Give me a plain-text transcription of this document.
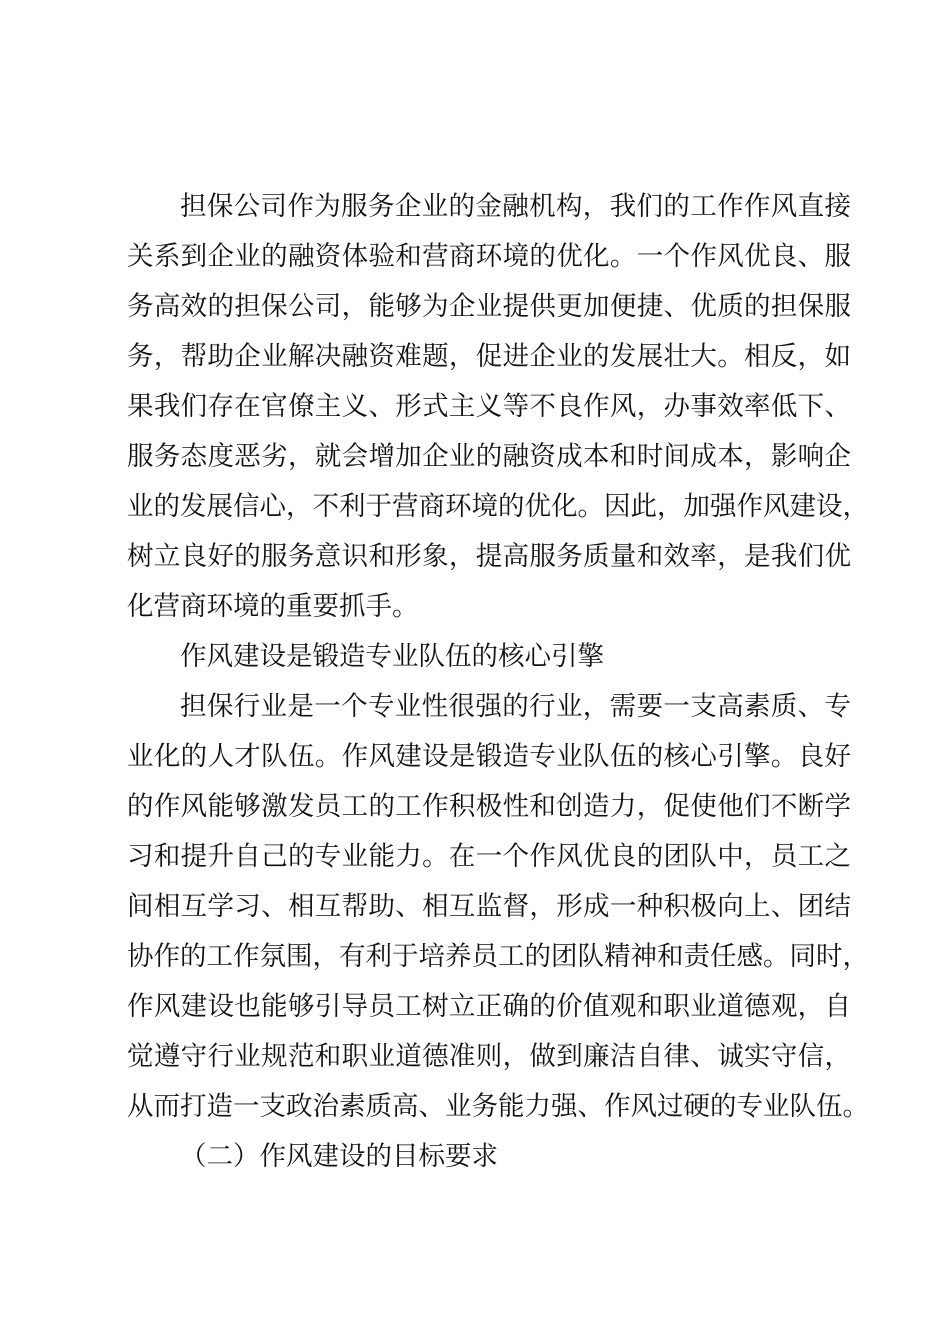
担保公司作为服务企业的金融机构，我们的工作作风直接
关系到企业的融资体验和营商环境的优化。一个作风优良、服
务高效的担保公司，能够为企业提供更加便捷、优质的担保服
务，帮助企业解决融资难题，促进企业的发展壮大。相反，如
果我们存在官僚主义、形式主义等不良作风，办事效率低下、
服务态度恶劣，就会增加企业的融资成本和时间成本，影响企
业的发展信心，不利于营商环境的优化。因此，加强作风建设，
树立良好的服务意识和形象，提高服务质量和效率，是我们优
化营商环境的重要抓手。

作风建设是锻造专业队伍的核心引擎

担保行业是一个专业性很强的行业，需要一支高素质、专
业化的人才队伍。作风建设是锻造专业队伍的核心引擎。良好
的作风能够激发员工的工作积极性和创造力，促使他们不断学
习和提升自己的专业能力。在一个作风优良的团队中，员工之
间相互学习、相互帮助、相互监督，形成一种积极向上、团结
协作的工作氛围，有利于培养员工的团队精神和责任感。同时，
作风建设也能够引导员工树立正确的价值观和职业道德观，自
觉遵守行业规范和职业道德准则，做到廉洁自律、诚实守信，
从而打造一支政治素质高、业务能力强、作风过硬的专业队伍。

（二）作风建设的目标要求
